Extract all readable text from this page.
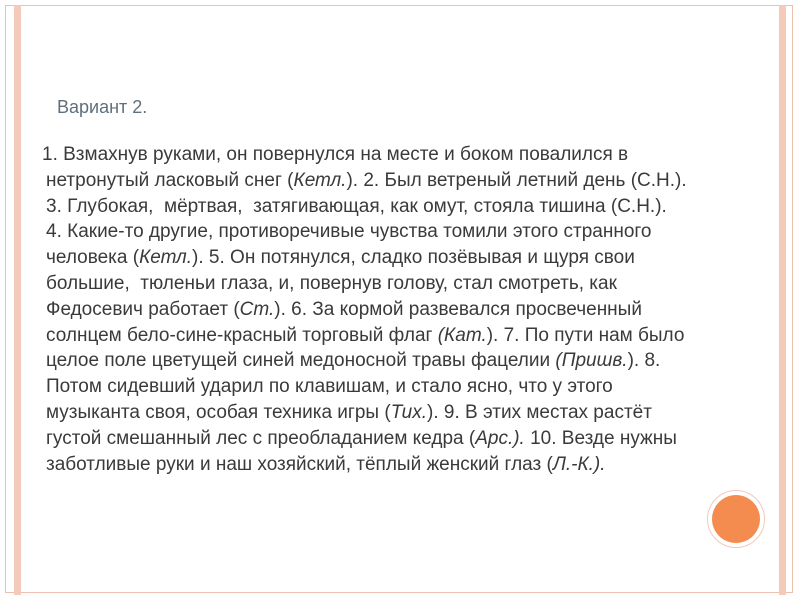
Вариант 2.
1. Взмахнув руками, он повернулся на месте и боком повалился в
нетронутый ласковый снег (Кетл.). 2. Был ветреный летний день (С.Н.).
3. Глубокая,  мёртвая,  затягивающая, как омут, стояла тишина (С.Н.).
4. Какие-то другие, противоречивые чувства томили этого странного
человека (Кетл.). 5. Он потянулся, сладко позёвывая и щуря свои
большие,  тюленьи глаза, и, повернув голову, стал смотреть, как
Федосевич работает (Ст.). 6. За кормой развевался просвеченный
солнцем бело-сине-красный торговый флаг (Кат.). 7. По пути нам было
целое поле цветущей синей медоносной травы фацелии (Пришв.). 8.
Потом сидевший ударил по клавишам, и стало ясно, что у этого
музыканта своя, особая техника игры (Тих.). 9. В этих местах растёт
густой смешанный лес с преобладанием кедра (Арс.). 10. Везде нужны
заботливые руки и наш хозяйский, тёплый женский глаз (Л.-К.).
